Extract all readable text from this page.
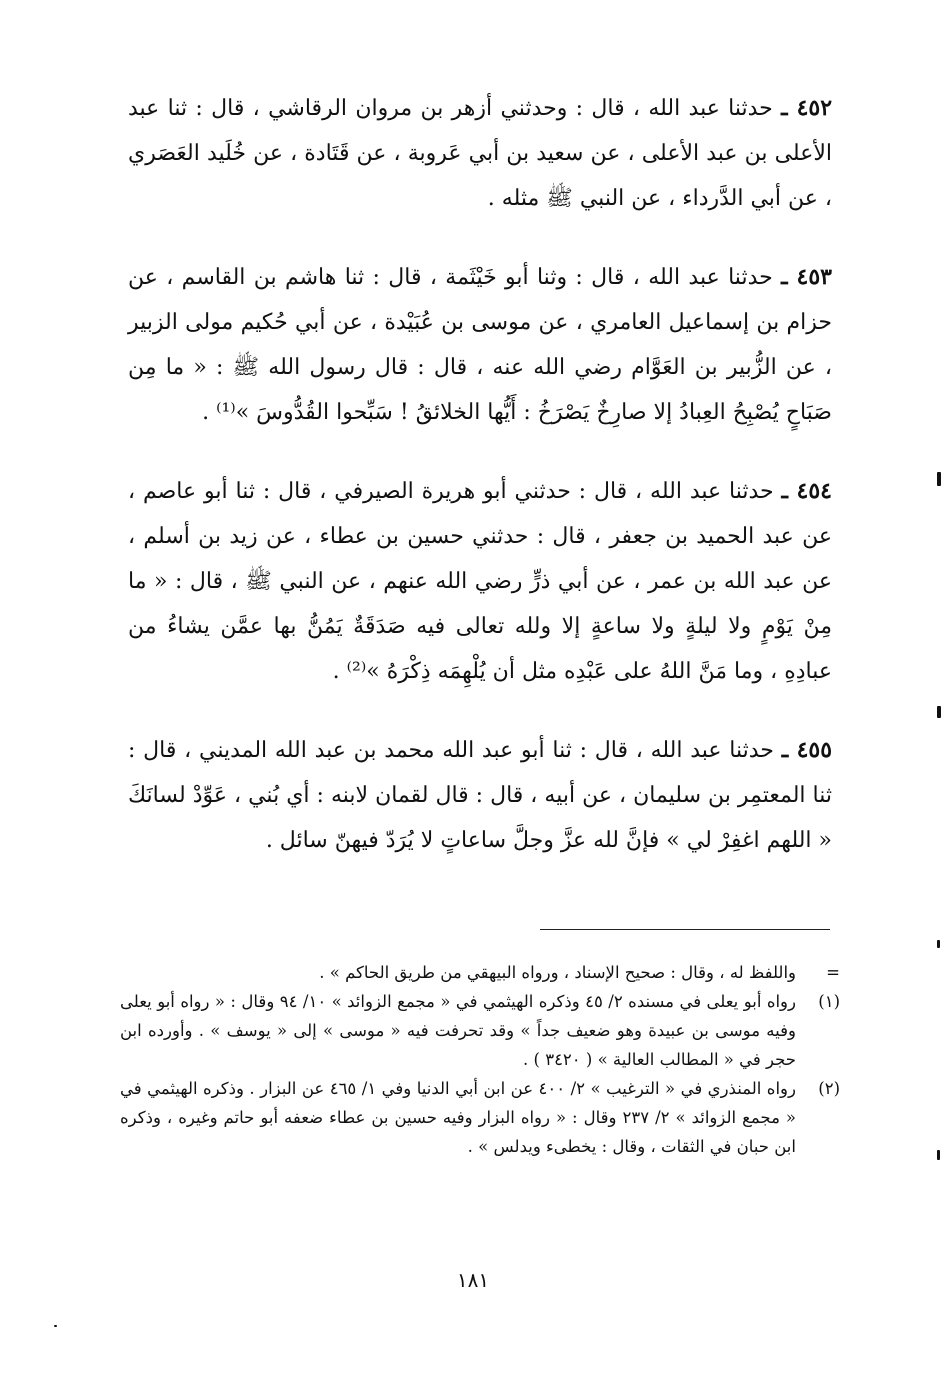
٤٥٢ ـ حدثنا عبد الله ، قال : وحدثني أزهر بن مروان الرقاشي ، قال : ثنا عبد الأعلى بن عبد الأعلى ، عن سعيد بن أبي عَروبة ، عن قَتَادة ، عن خُلَيد العَصَري ، عن أبي الدَّرداء ، عن النبي ﷺ مثله .

٤٥٣ ـ حدثنا عبد الله ، قال : وثنا أبو خَيْثَمة ، قال : ثنا هاشم بن القاسم ، عن حزام بن إسماعيل العامري ، عن موسى بن عُبَيْدة ، عن أبي حُكيم مولى الزبير ، عن الزُّبير بن العَوَّام رضي الله عنه ، قال : قال رسول الله ﷺ : « ما مِن صَبَاحٍ يُصْبِحُ العِبادُ إلا صارِخٌ يَصْرَخُ : أَيُّها الخلائقُ ! سَبِّحوا القُدُّوسَ »⁽¹⁾ .

٤٥٤ ـ حدثنا عبد الله ، قال : حدثني أبو هريرة الصيرفي ، قال : ثنا أبو عاصم ، عن عبد الحميد بن جعفر ، قال : حدثني حسين بن عطاء ، عن زيد بن أسلم ، عن عبد الله بن عمر ، عن أبي ذرٍّ رضي الله عنهم ، عن النبي ﷺ ، قال : « ما مِنْ يَوْمٍ ولا ليلةٍ ولا ساعةٍ إلا ولله تعالى فيه صَدَقَةٌ يَمُنُّ بها عمَّن يشاءُ من عبادِهِ ، وما مَنَّ اللهُ على عَبْدِه مثل أن يُلْهِمَه ذِكْرَهُ »⁽²⁾ .

٤٥٥ ـ حدثنا عبد الله ، قال : ثنا أبو عبد الله محمد بن عبد الله المديني ، قال : ثنا المعتمِر بن سليمان ، عن أبيه ، قال : قال لقمان لابنه : أي بُني ، عَوِّدْ لسانَكَ « اللهم اغفِرْ لي » فإنَّ لله عزَّ وجلَّ ساعاتٍ لا يُرَدّ فيهنّ سائل .

=
واللفظ له ، وقال : صحيح الإسناد ، ورواه البيهقي من طريق الحاكم » .
(١)
رواه أبو يعلى في مسنده ٢/ ٤٥ وذكره الهيثمي في « مجمع الزوائد » ١٠/ ٩٤ وقال : « رواه أبو يعلى وفيه موسى بن عبيدة وهو ضعيف جداً » وقد تحرفت فيه « موسى » إلى « يوسف » . وأورده ابن حجر في « المطالب العالية » ( ٣٤٢٠ ) .
(٢)
رواه المنذري في « الترغيب » ٢/ ٤٠٠ عن ابن أبي الدنيا وفي ١/ ٤٦٥ عن البزار . وذكره الهيثمي في « مجمع الزوائد » ٢/ ٢٣٧ وقال : « رواه البزار وفيه حسين بن عطاء ضعفه أبو حاتم وغيره ، وذكره ابن حبان في الثقات ، وقال : يخطىء ويدلس » .
١٨١
